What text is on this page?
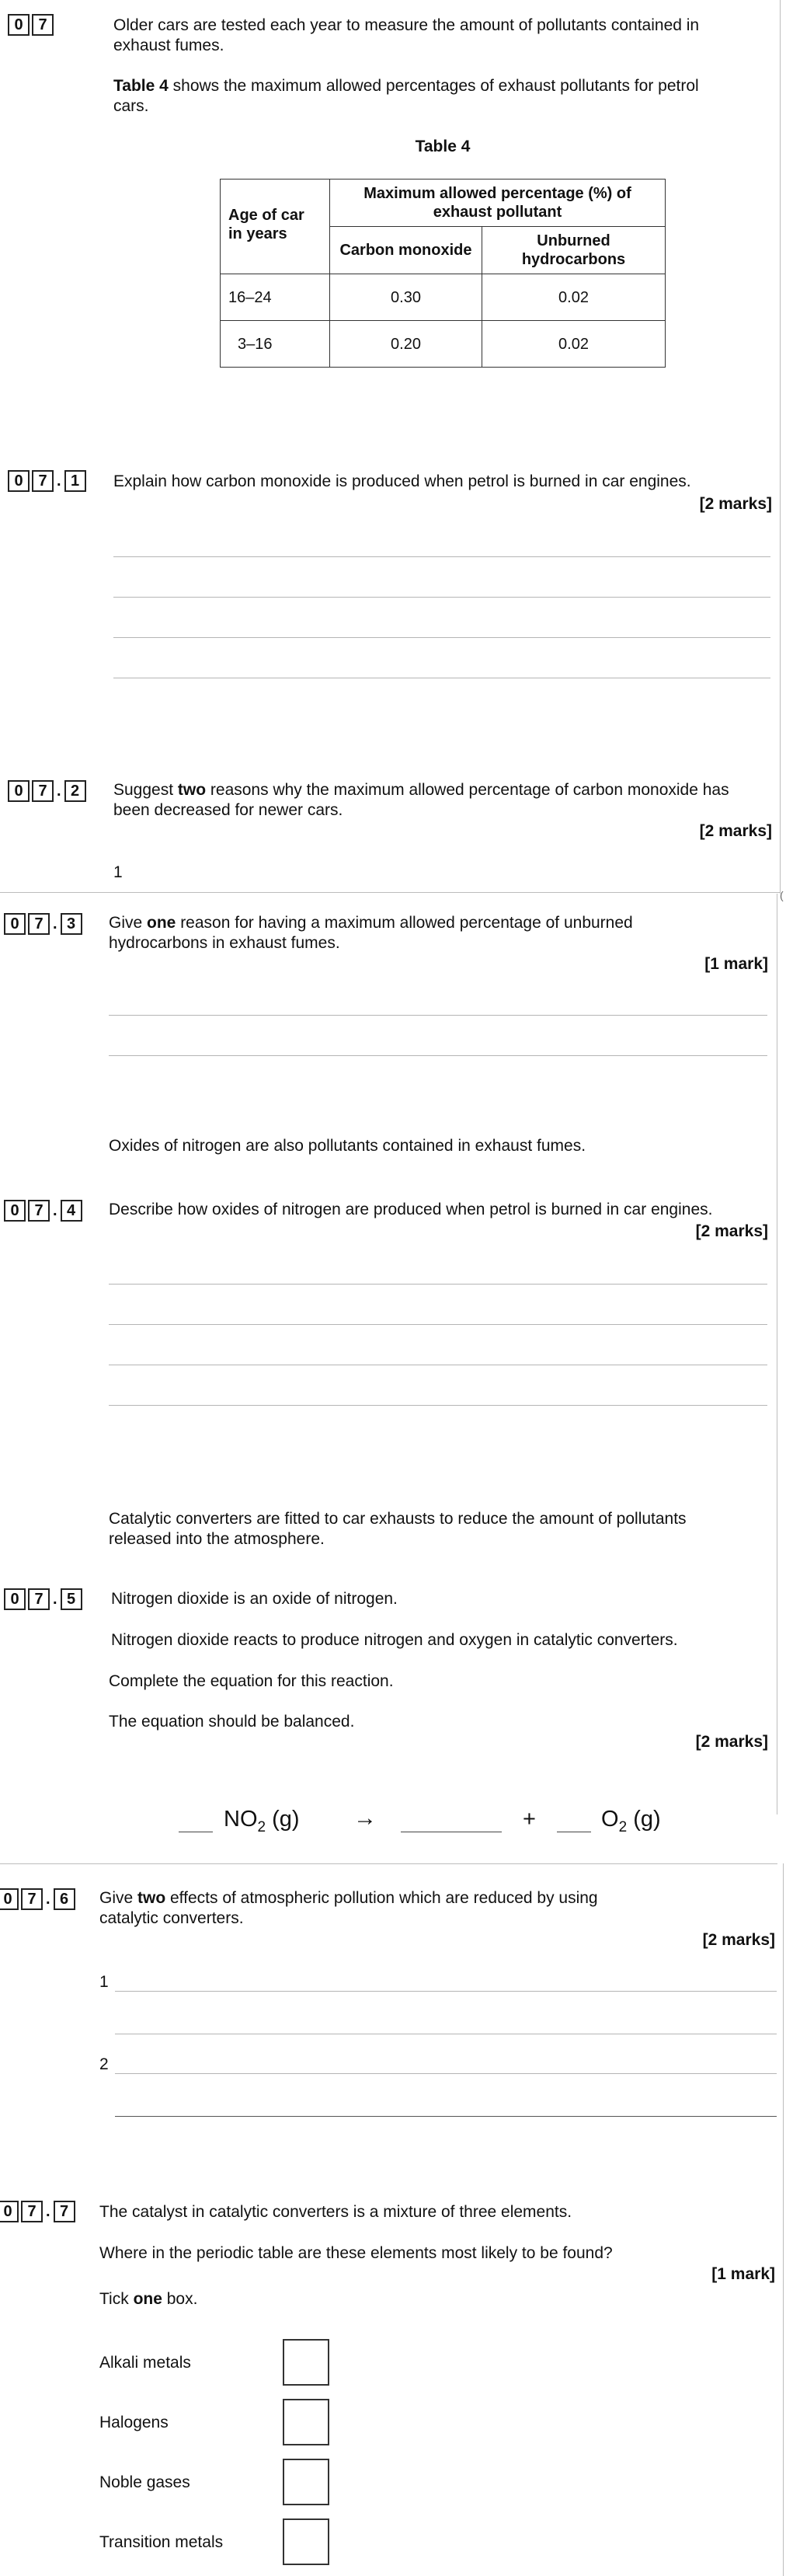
0 7	Older cars are tested each year to measure the amount of pollutants contained in exhaust fumes.
Table 4 shows the maximum allowed percentages of exhaust pollutants for petrol cars.
Table 4
Age of car in years	Maximum allowed percentage (%) of exhaust pollutant	
	Carbon monoxide	Unburned hydrocarbons
16–24	0.30	0.02
3–16	0.20	0.02
0 7 . 1	Explain how carbon monoxide is produced when petrol is burned in car engines.
[2 marks]
0 7 . 2	Suggest two reasons why the maximum allowed percentage of carbon monoxide has been decreased for newer cars.
[2 marks]
1
(
0 7 . 3	Give one reason for having a maximum allowed percentage of unburned hydrocarbons in exhaust fumes.
[1 mark]
Oxides of nitrogen are also pollutants contained in exhaust fumes.
0 7 . 4	Describe how oxides of nitrogen are produced when petrol is burned in car engines.
[2 marks]
Catalytic converters are fitted to car exhausts to reduce the amount of pollutants released into the atmosphere.
0 7 . 5	Nitrogen dioxide is an oxide of nitrogen.
Nitrogen dioxide reacts to produce nitrogen and oxygen in catalytic converters.
Complete the equation for this reaction.
The equation should be balanced.
[2 marks]
$NO_2$ (g) →	+	$O_2$ (g)
0 7 . 6	Give two effects of atmospheric pollution which are reduced by using catalytic converters.
[2 marks]
1
2
0 7 . 7	The catalyst in catalytic converters is a mixture of three elements.
Where in the periodic table are these elements most likely to be found?
[1 mark]
Tick one box.
Alkali metals
Halogens
Noble gases
Transition metals
